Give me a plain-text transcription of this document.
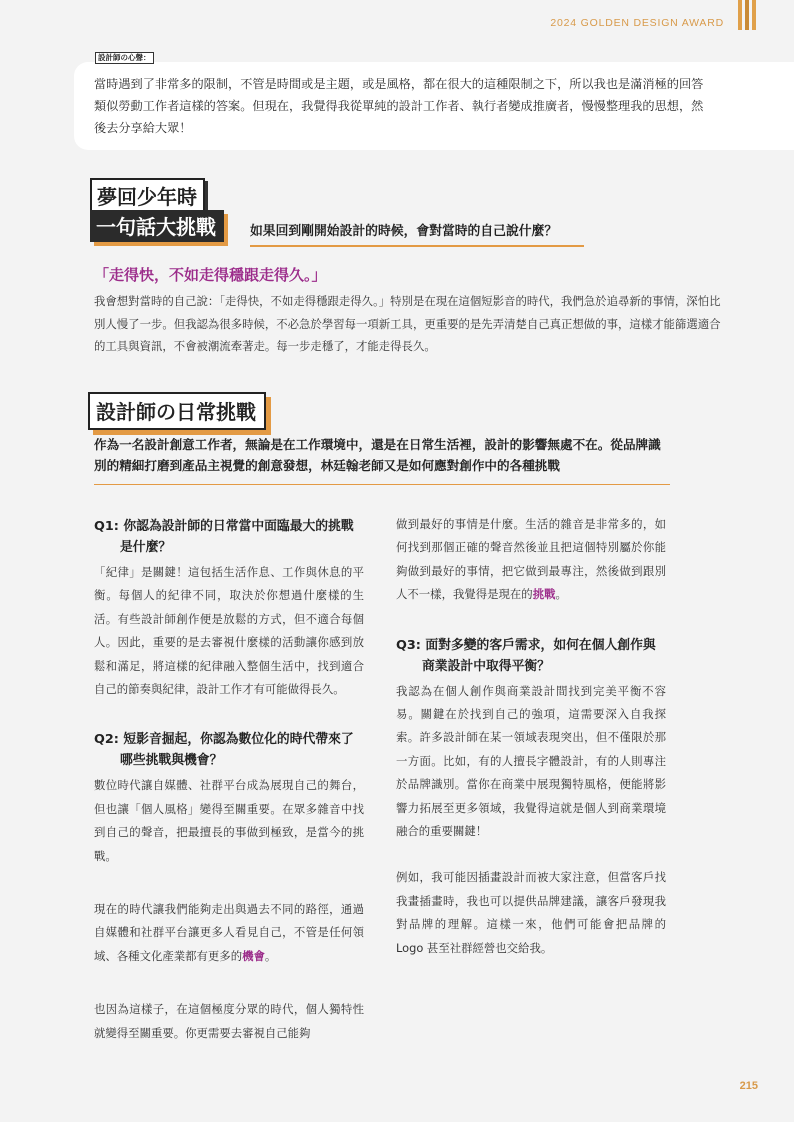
2024 GOLDEN DESIGN AWARD
設計師の心聲：
當時遇到了非常多的限制，不管是時間或是主題，或是風格，都在很大的這種限制之下，所以我也是滿消極的回答類似勞動工作者這樣的答案。但現在，我覺得我從單純的設計工作者、執行者變成推廣者，慢慢整理我的思想，然後去分享給大眾！
夢回少年時
一句話大挑戰	如果回到剛開始設計的時候，會對當時的自己說什麼？
「走得快，不如走得穩跟走得久。」
我會想對當時的自己說：「走得快，不如走得穩跟走得久。」特別是在現在這個短影音的時代，我們急於追尋新的事情，深怕比別人慢了一步。但我認為很多時候，不必急於學習每一項新工具，更重要的是先弄清楚自己真正想做的事，這樣才能篩選適合的工具與資訊，不會被潮流牽著走。每一步走穩了，才能走得長久。
設計師の日常挑戰
作為一名設計創意工作者，無論是在工作環境中，還是在日常生活裡，設計的影響無處不在。從品牌識別的精細打磨到產品主視覺的創意發想，林廷翰老師又是如何應對創作中的各種挑戰
Q1: 你認為設計師的日常當中面臨最大的挑戰是什麼？
「紀律」是關鍵！這包括生活作息、工作與休息的平衡。每個人的紀律不同，取決於你想過什麼樣的生活。有些設計師創作便是放鬆的方式，但不適合每個人。因此，重要的是去審視什麼樣的活動讓你感到放鬆和滿足，將這樣的紀律融入整個生活中，找到適合自己的節奏與紀律，設計工作才有可能做得長久。
Q2: 短影音掘起，你認為數位化的時代帶來了哪些挑戰與機會？
數位時代讓自媒體、社群平台成為展現自己的舞台，但也讓「個人風格」變得至關重要。在眾多雜音中找到自己的聲音，把最擅長的事做到極致，是當今的挑戰。
現在的時代讓我們能夠走出與過去不同的路徑，通過自媒體和社群平台讓更多人看見自己，不管是任何領域、各種文化產業都有更多的機會。
也因為這樣子，在這個極度分眾的時代，個人獨特性就變得至關重要。你更需要去審視自己能夠
做到最好的事情是什麼。生活的雜音是非常多的，如何找到那個正確的聲音然後並且把這個特別屬於你能夠做到最好的事情，把它做到最專注，然後做到跟別人不一樣，我覺得是現在的挑戰。
Q3: 面對多變的客戶需求，如何在個人創作與商業設計中取得平衡？
我認為在個人創作與商業設計間找到完美平衡不容易。關鍵在於找到自己的強項，這需要深入自我探索。許多設計師在某一領域表現突出，但不僅限於那一方面。比如，有的人擅長字體設計，有的人則專注於品牌識別。當你在商業中展現獨特風格，便能將影響力拓展至更多領域，我覺得這就是個人到商業環境融合的重要關鍵！
例如，我可能因插畫設計而被大家注意，但當客戶找我畫插畫時，我也可以提供品牌建議，讓客戶發現我對品牌的理解。這樣一來，他們可能會把品牌的 Logo 甚至社群經營也交給我。
215
